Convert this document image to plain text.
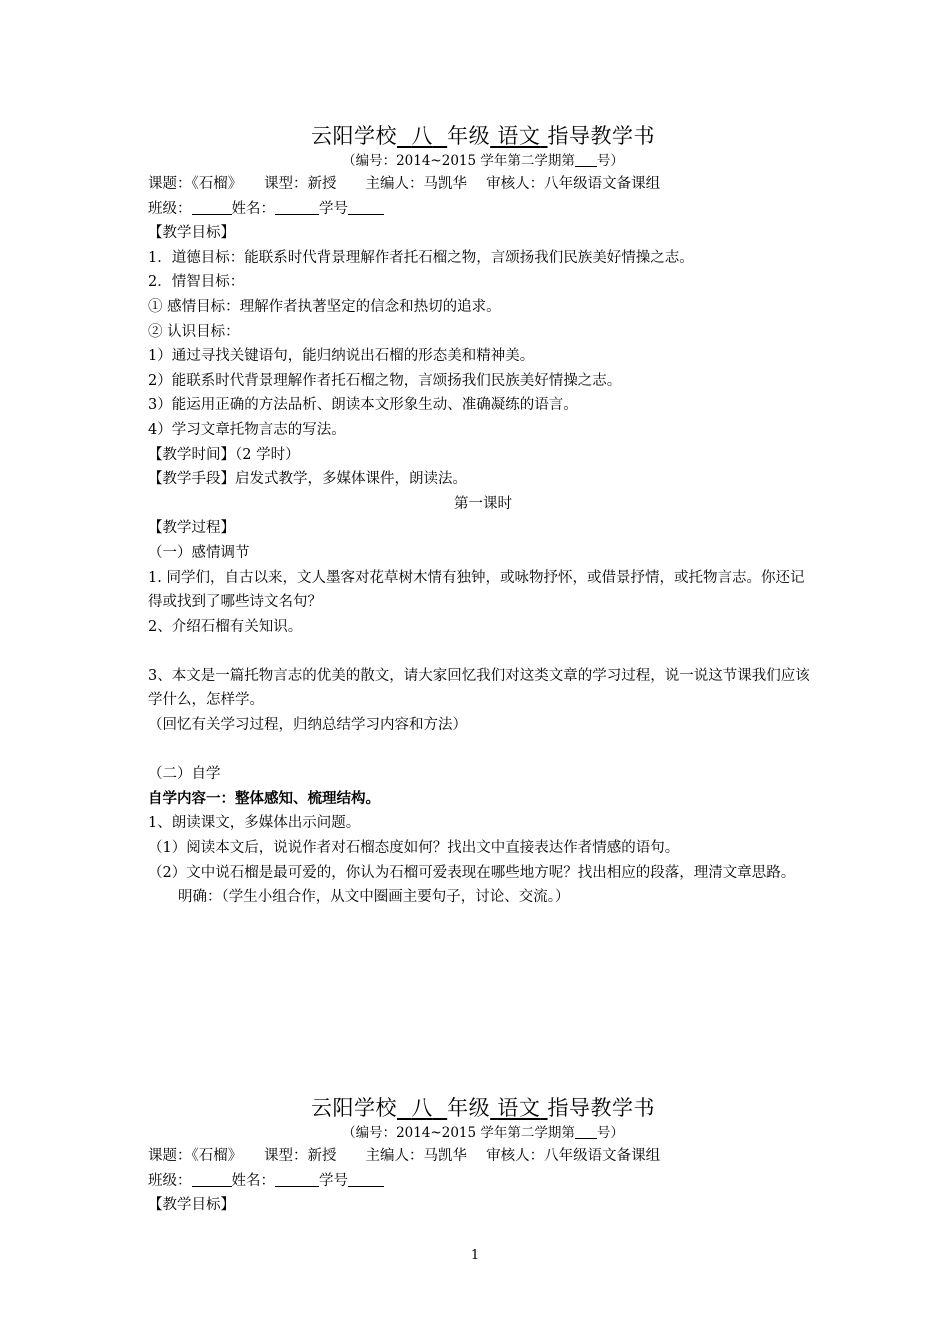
云阳学校 八 年级 语文 指导教学书
（编号：2014~2015 学年第二学期第 号）
课题：《石榴》　　课型：新授　　主编人：马凯华　 审核人：八年级语文备课组
班级：	姓名：	学号
【教学目标】
1．道德目标：能联系时代背景理解作者托石榴之物，言颂扬我们民族美好情操之志。
2．情智目标：
① 感情目标：理解作者执著坚定的信念和热切的追求。
② 认识目标：
1）通过寻找关键语句，能归纳说出石榴的形态美和精神美。
2）能联系时代背景理解作者托石榴之物，言颂扬我们民族美好情操之志。
3）能运用正确的方法品析、朗读本文形象生动、准确凝练的语言。
4）学习文章托物言志的写法。
【教学时间】（2 学时）
【教学手段】启发式教学，多媒体课件，朗读法。
第一课时
【教学过程】
（一）感情调节
1. 同学们，自古以来，文人墨客对花草树木情有独钟，或咏物抒怀，或借景抒情，或托物言志。你还记得或找到了哪些诗文名句？
2、介绍石榴有关知识。
3、本文是一篇托物言志的优美的散文，请大家回忆我们对这类文章的学习过程，说一说这节课我们应该学什么，怎样学。
（回忆有关学习过程，归纳总结学习内容和方法）
（二）自学
自学内容一：整体感知、梳理结构。
1、朗读课文，多媒体出示问题。
（1）阅读本文后，说说作者对石榴态度如何？找出文中直接表达作者情感的语句。
（2）文中说石榴是最可爱的，你认为石榴可爱表现在哪些地方呢？找出相应的段落，理清文章思路。
明确：（学生小组合作，从文中圈画主要句子，讨论、交流。）
云阳学校 八 年级 语文 指导教学书
（编号：2014~2015 学年第二学期第 号）
课题：《石榴》　　课型：新授　　主编人：马凯华　 审核人：八年级语文备课组
班级：	姓名：	学号
【教学目标】
1
